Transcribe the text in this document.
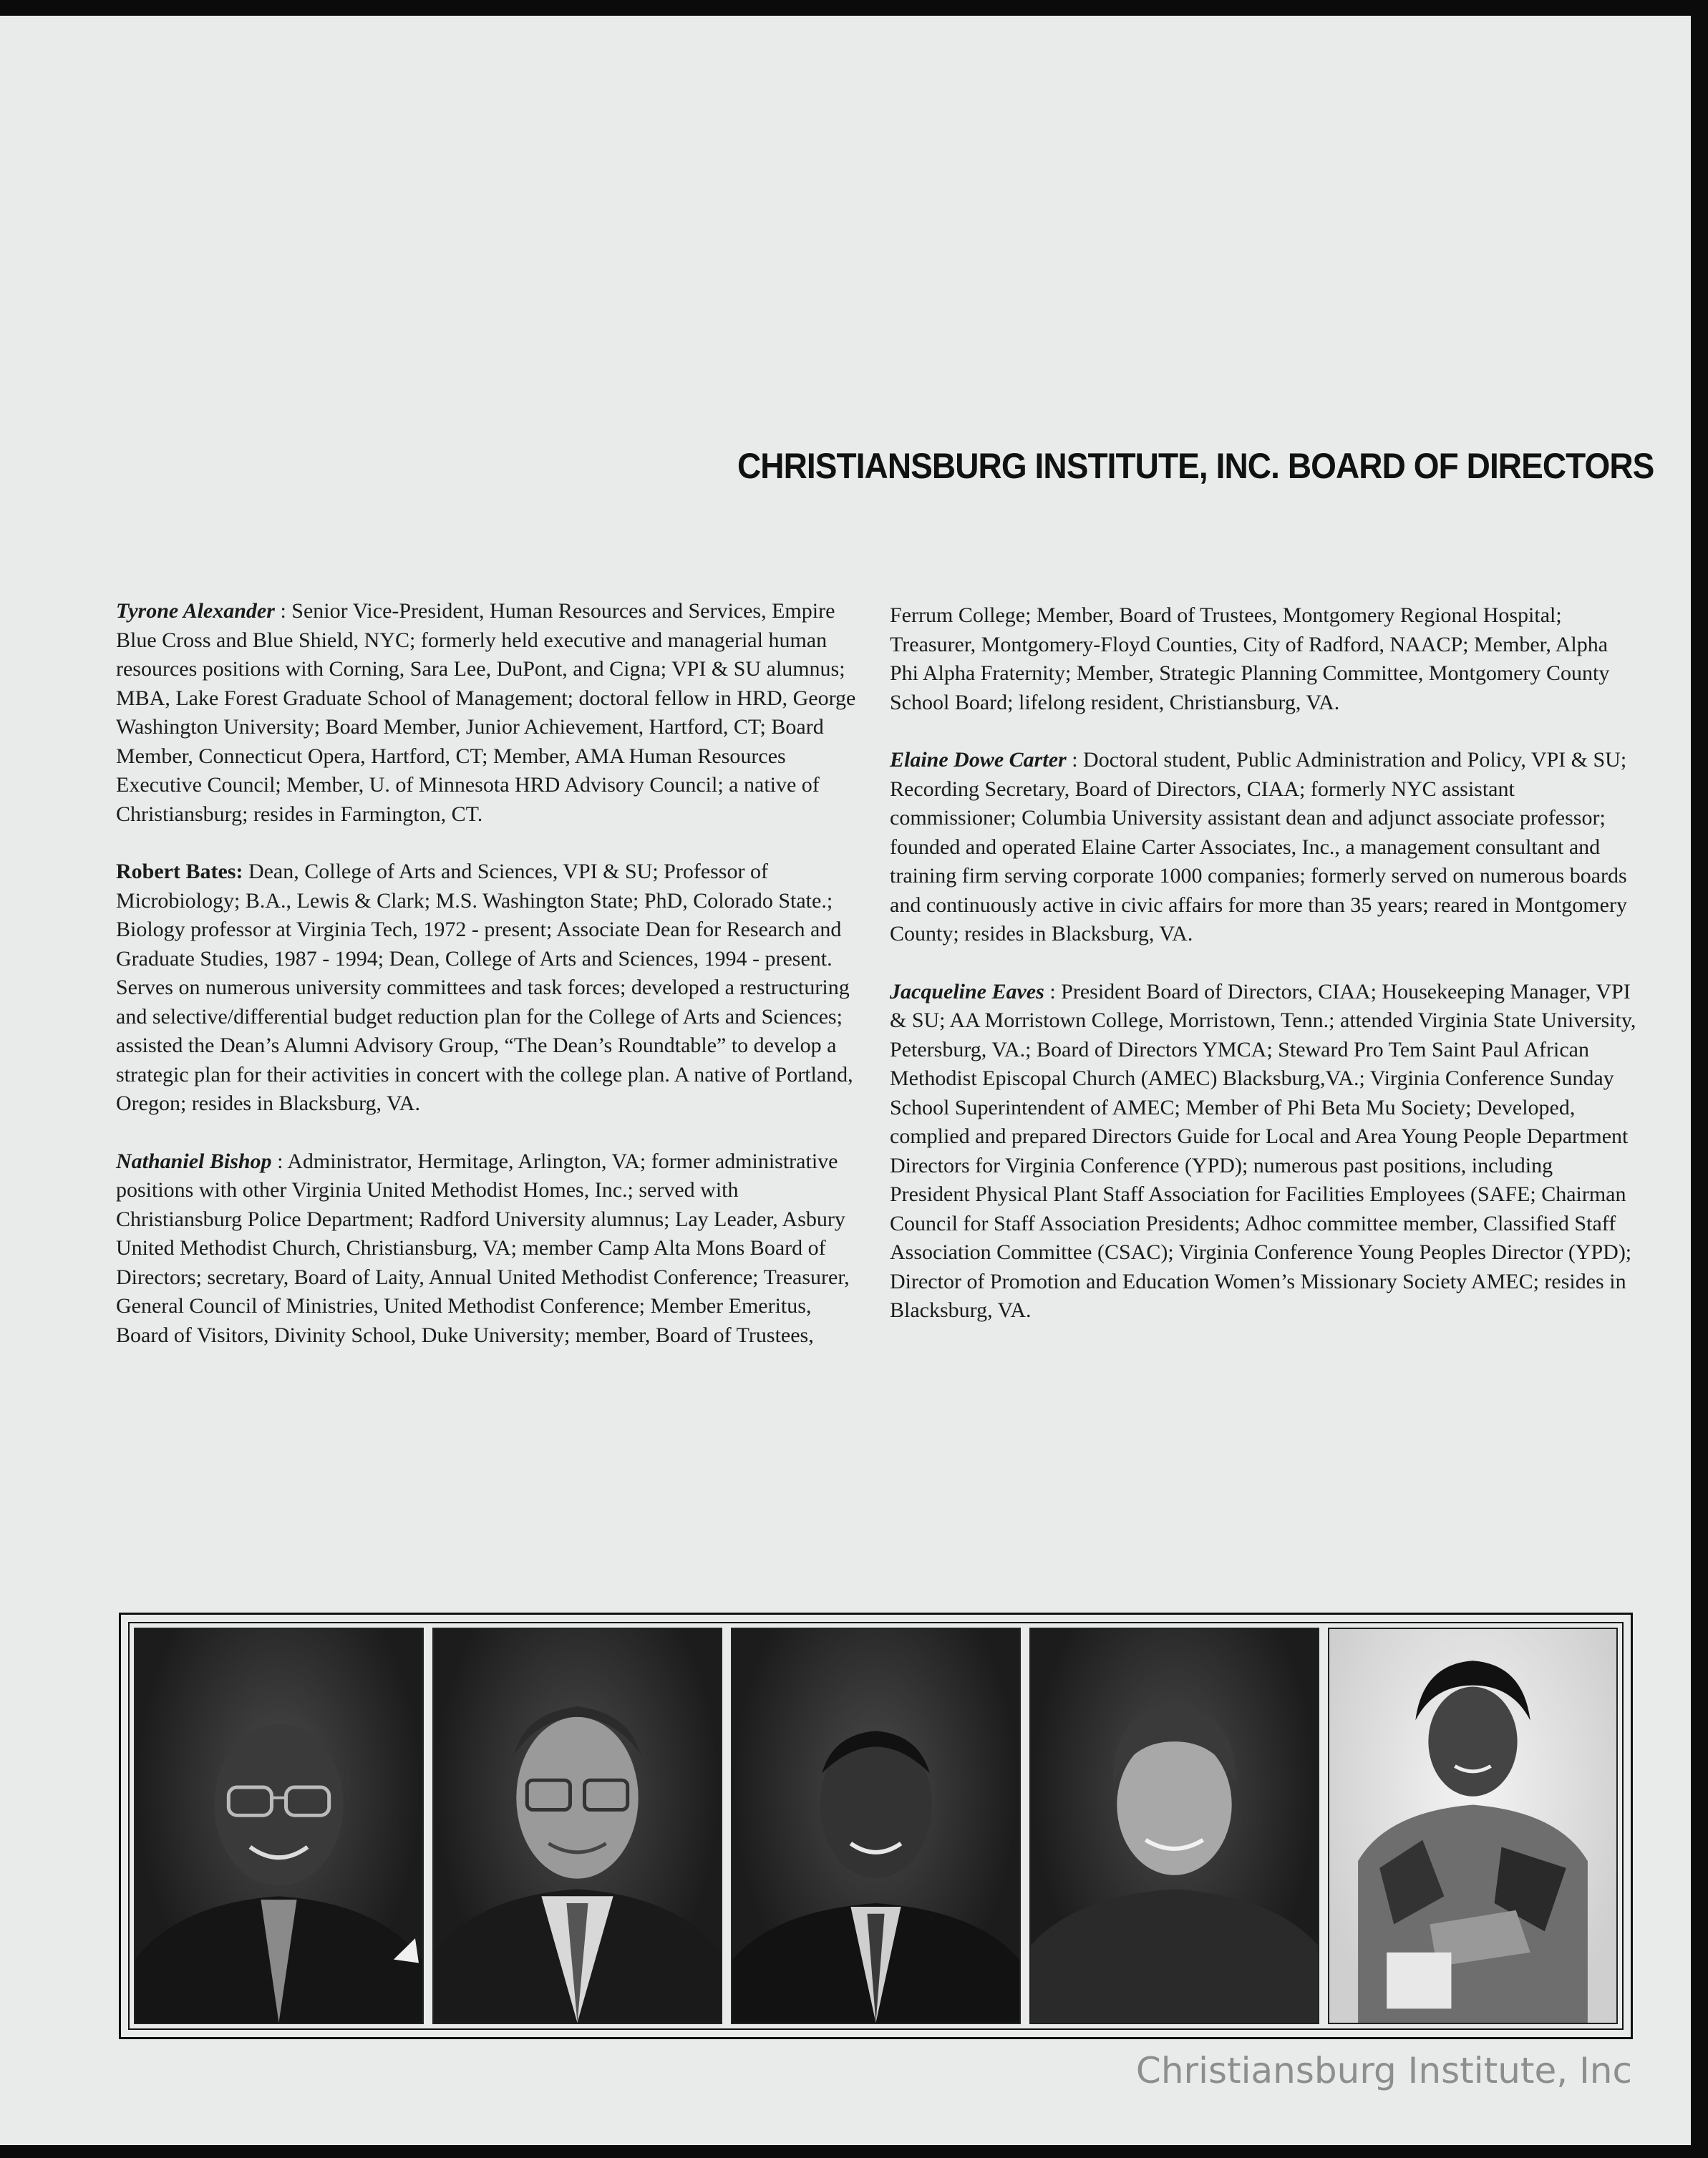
CHRISTIANSBURG INSTITUTE, INC. BOARD OF DIRECTORS

Tyrone Alexander : Senior Vice-President, Human Resources and Services, Empire Blue Cross and Blue Shield, NYC; formerly held executive and managerial human resources positions with Corning, Sara Lee, DuPont, and Cigna; VPI & SU alumnus; MBA, Lake Forest Graduate School of Management; doctoral fellow in HRD, George Washington University; Board Member, Junior Achievement, Hartford, CT; Board Member, Connecticut Opera, Hartford, CT; Member, AMA Human Resources Executive Council; Member, U. of Minnesota HRD Advisory Council; a native of Christiansburg; resides in Farmington, CT.

Robert Bates: Dean, College of Arts and Sciences, VPI & SU; Professor of Microbiology; B.A., Lewis & Clark; M.S. Washington State; PhD, Colorado State.; Biology professor at Virginia Tech, 1972 - present; Associate Dean for Research and Graduate Studies, 1987 - 1994; Dean, College of Arts and Sciences, 1994 - present. Serves on numerous university committees and task forces; developed a restructuring and selective/differential budget reduction plan for the College of Arts and Sciences; assisted the Dean’s Alumni Advisory Group, “The Dean’s Roundtable” to develop a strategic plan for their activities in concert with the college plan. A native of Portland, Oregon; resides in Blacksburg, VA.

Nathaniel Bishop : Administrator, Hermitage, Arlington, VA; former administrative positions with other Virginia United Methodist Homes, Inc.; served with Christiansburg Police Department; Radford University alumnus; Lay Leader, Asbury United Methodist Church, Christiansburg, VA; member Camp Alta Mons Board of Directors; secretary, Board of Laity, Annual United Methodist Conference; Treasurer, General Council of Ministries, United Methodist Conference; Member Emeritus, Board of Visitors, Divinity School, Duke University; member, Board of Trustees,

Ferrum College; Member, Board of Trustees, Montgomery Regional Hospital; Treasurer, Montgomery-Floyd Counties, City of Radford, NAACP; Member, Alpha Phi Alpha Fraternity; Member, Strategic Planning Committee, Montgomery County School Board; lifelong resident, Christiansburg, VA.

Elaine Dowe Carter : Doctoral student, Public Administration and Policy, VPI & SU; Recording Secretary, Board of Directors, CIAA; formerly NYC assistant commissioner; Columbia University assistant dean and adjunct associate professor; founded and operated Elaine Carter Associates, Inc., a management consultant and training firm serving corporate 1000 companies; formerly served on numerous boards and continuously active in civic affairs for more than 35 years; reared in Montgomery County; resides in Blacksburg, VA.

Jacqueline Eaves : President Board of Directors, CIAA; Housekeeping Manager, VPI & SU; AA Morristown College, Morristown, Tenn.; attended Virginia State University, Petersburg, VA.; Board of Directors YMCA; Steward Pro Tem Saint Paul African Methodist Episcopal Church (AMEC) Blacksburg,VA.; Virginia Conference Sunday School Superintendent of AMEC; Member of Phi Beta Mu Society; Developed, complied and prepared Directors Guide for Local and Area Young People Department Directors for Virginia Conference (YPD); numerous past positions, including President Physical Plant Staff Association for Facilities Employees (SAFE; Chairman Council for Staff Association Presidents; Adhoc committee member, Classified Staff Association Committee (CSAC); Virginia Conference Young Peoples Director (YPD); Director of Promotion and Education Women’s Missionary Society AMEC; resides in Blacksburg, VA.

Christiansburg Institute, Inc
